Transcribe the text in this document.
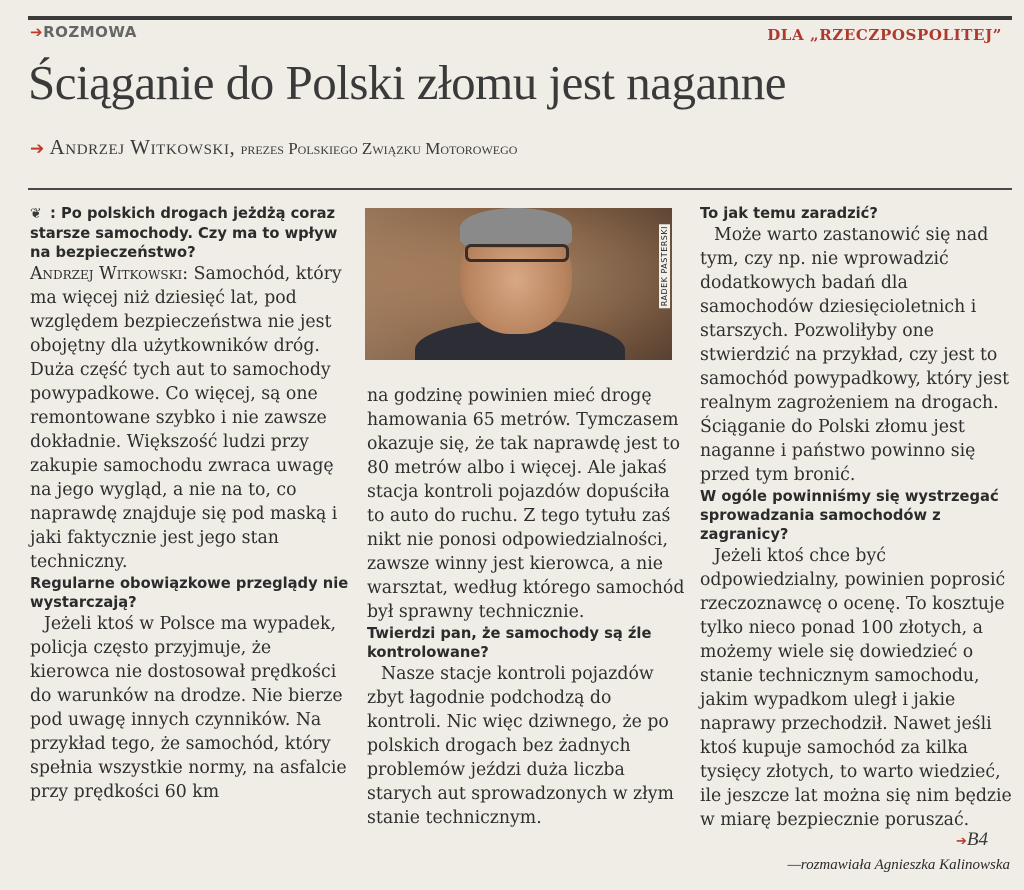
➔ROZMOWA	DLA „RZECZPOSPOLITEJ”
Ściąganie do Polski złomu jest naganne
➔ Andrzej Witkowski, prezes Polskiego Związku Motorowego

❦ : Po polskich drogach jeżdżą coraz starsze samochody. Czy ma to wpływ na bezpieczeństwo?

Andrzej Witkowski: Samochód, który ma więcej niż dziesięć lat, pod względem bezpieczeństwa nie jest obojętny dla użytkowników dróg. Duża część tych aut to samochody powypadkowe. Co więcej, są one remontowane szybko i nie zawsze dokładnie. Większość ludzi przy zakupie samochodu zwraca uwagę na jego wygląd, a nie na to, co naprawdę znajduje się pod maską i jaki faktycznie jest jego stan techniczny.

Regularne obowiązkowe przeglądy nie wystarczają?

Jeżeli ktoś w Polsce ma wypadek, policja często przyjmuje, że kierowca nie dostosował prędkości do warunków na drodze. Nie bierze pod uwagę innych czynników. Na przykład tego, że samochód, który spełnia wszystkie normy, na asfalcie przy prędkości 60 km

RADEK PASTERSKI

na godzinę powinien mieć drogę hamowania 65 metrów. Tymczasem okazuje się, że tak naprawdę jest to 80 metrów albo i więcej. Ale jakaś stacja kontroli pojazdów dopuściła to auto do ruchu. Z tego tytułu zaś nikt nie ponosi odpowiedzialności, zawsze winny jest kierowca, a nie warsztat, według którego samochód był sprawny technicznie.

Twierdzi pan, że samochody są źle kontrolowane?

Nasze stacje kontroli pojazdów zbyt łagodnie podchodzą do kontroli. Nic więc dziwnego, że po polskich drogach bez żadnych problemów jeździ duża liczba starych aut sprowadzonych w złym stanie technicznym.

To jak temu zaradzić?

Może warto zastanowić się nad tym, czy np. nie wprowadzić dodatkowych badań dla samochodów dziesięcioletnich i starszych. Pozwoliłyby one stwierdzić na przykład, czy jest to samochód powypadkowy, który jest realnym zagrożeniem na drogach. Ściąganie do Polski złomu jest naganne i państwo powinno się przed tym bronić.

W ogóle powinniśmy się wystrzegać sprowadzania samochodów z zagranicy?

Jeżeli ktoś chce być odpowiedzialny, powinien poprosić rzeczoznawcę o ocenę. To kosztuje tylko nieco ponad 100 złotych, a możemy wiele się dowiedzieć o stanie technicznym samochodu, jakim wypadkom uległ i jakie naprawy przechodził. Nawet jeśli ktoś kupuje samochód za kilka tysięcy złotych, to warto wiedzieć, ile jeszcze lat można się nim będzie w miarę bezpiecznie poruszać.

➔B4
—rozmawiała Agnieszka Kalinowska
